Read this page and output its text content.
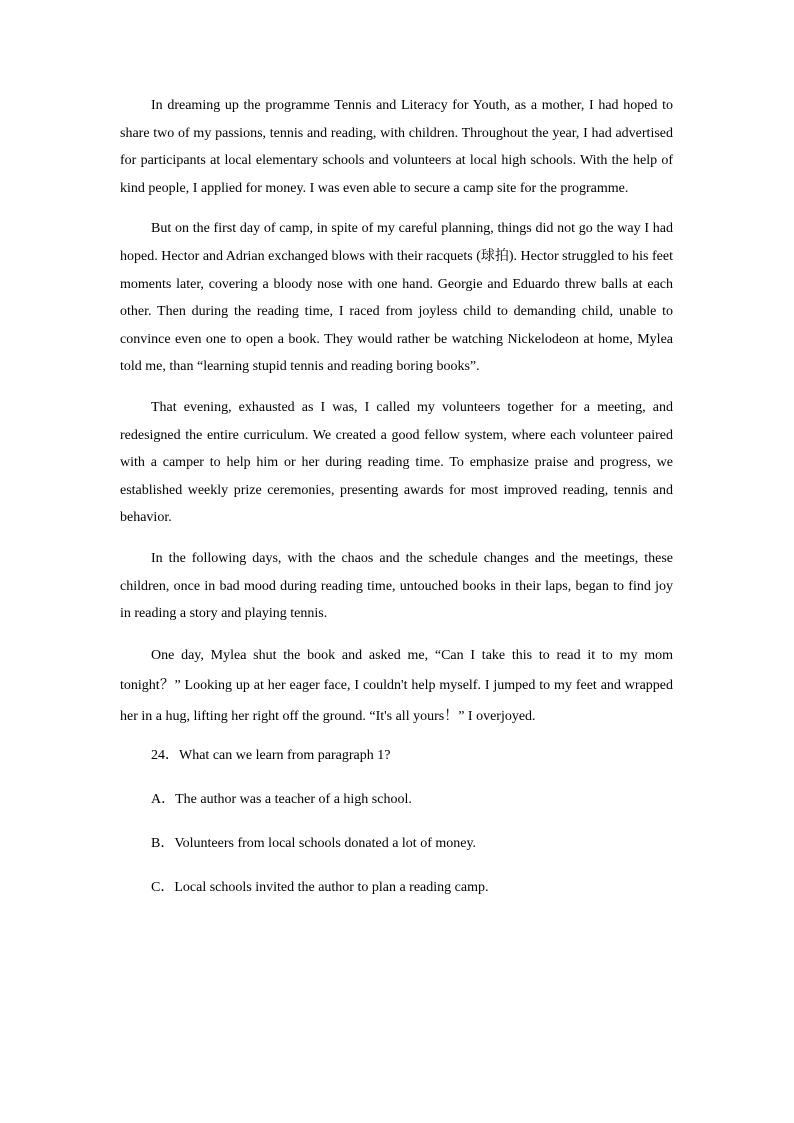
In dreaming up the programme Tennis and Literacy for Youth, as a mother, I had hoped to share two of my passions, tennis and reading, with children. Throughout the year, I had advertised for participants at local elementary schools and volunteers at local high schools. With the help of kind people, I applied for money. I was even able to secure a camp site for the programme.

But on the first day of camp, in spite of my careful planning, things did not go the way I had hoped. Hector and Adrian exchanged blows with their racquets (球拍). Hector struggled to his feet moments later, covering a bloody nose with one hand. Georgie and Eduardo threw balls at each other. Then during the reading time, I raced from joyless child to demanding child, unable to convince even one to open a book. They would rather be watching Nickelodeon at home, Mylea told me, than “learning stupid tennis and reading boring books”.

That evening, exhausted as I was, I called my volunteers together for a meeting, and redesigned the entire curriculum. We created a good fellow system, where each volunteer paired with a camper to help him or her during reading time. To emphasize praise and progress, we established weekly prize ceremonies, presenting awards for most improved reading, tennis and behavior.

In the following days, with the chaos and the schedule changes and the meetings, these children, once in bad mood during reading time, untouched books in their laps, began to find joy in reading a story and playing tennis.

One day, Mylea shut the book and asked me, “Can I take this to read it to my mom tonight？” Looking up at her eager face, I couldn't help myself. I jumped to my feet and wrapped her in a hug, lifting her right off the ground. “It's all yours！” I overjoyed.

24．What can we learn from paragraph 1?

A．The author was a teacher of a high school.

B．Volunteers from local schools donated a lot of money.

C．Local schools invited the author to plan a reading camp.
